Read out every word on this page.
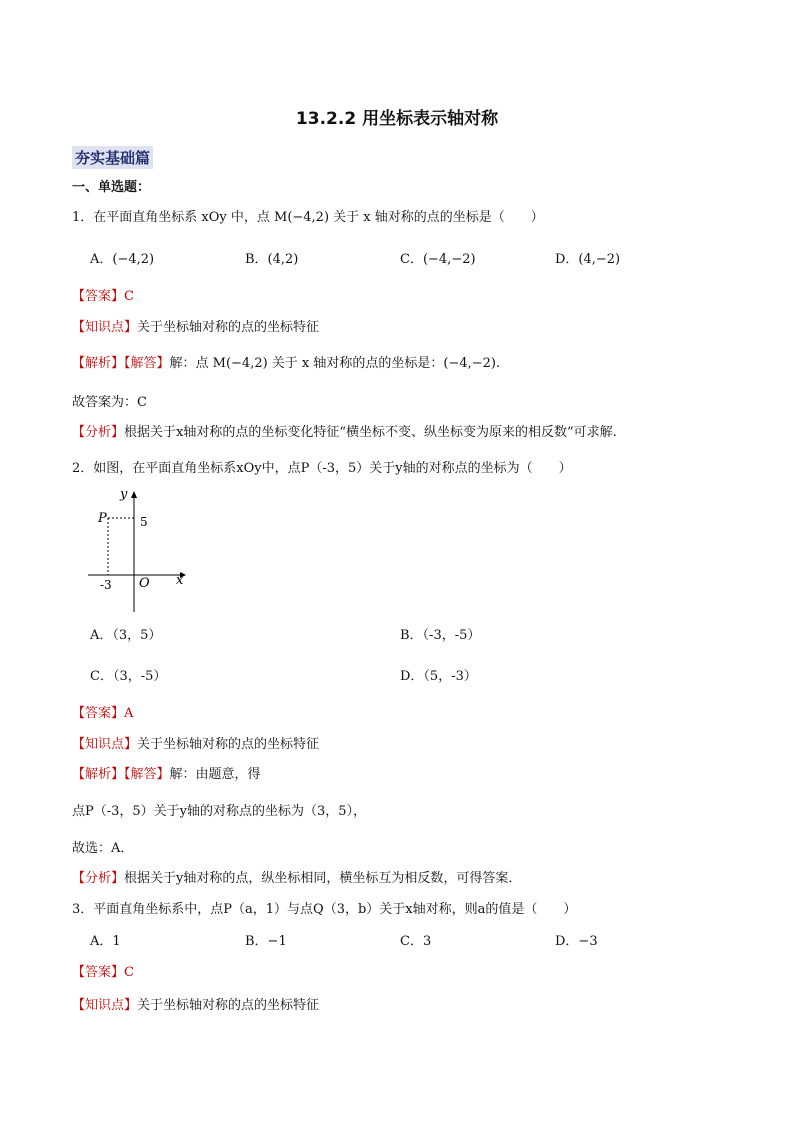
13.2.2 用坐标表示轴对称
夯实基础篇
一、单选题：
1．在平面直角坐标系 xOy 中，点 M(−4,2) 关于 x 轴对称的点的坐标是（　　）
A．(−4,2)	B．(4,2)	C．(−4,−2)	D．(4,−2)
【答案】C
【知识点】关于坐标轴对称的点的坐标特征
【解析】【解答】解：点 M(−4,2) 关于 x 轴对称的点的坐标是：(−4,−2).
故答案为：C
【分析】根据关于x轴对称的点的坐标变化特征“横坐标不变、纵坐标变为原来的相反数”可求解.
2．如图，在平面直角坐标系xOy中，点P（-3，5）关于y轴的对称点的坐标为（　　）
y
x
O
P
-3
5
A．（3，5）	B．（-3，-5）
C．（3，-5）	D．（5，-3）
【答案】A
【知识点】关于坐标轴对称的点的坐标特征
【解析】【解答】解：由题意，得
点P（-3，5）关于y轴的对称点的坐标为（3，5），
故选：A．
【分析】根据关于y轴对称的点，纵坐标相同，横坐标互为相反数，可得答案．
3．平面直角坐标系中，点P（a，1）与点Q（3，b）关于x轴对称，则a的值是（　　）
A．1	B．−1	C．3	D．−3
【答案】C
【知识点】关于坐标轴对称的点的坐标特征
